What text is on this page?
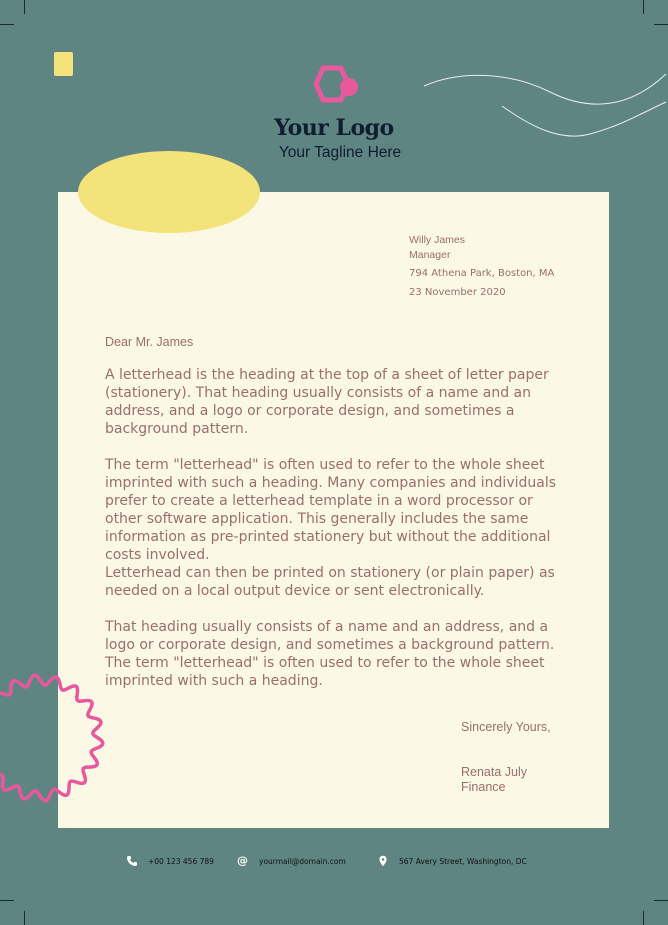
Your Logo
Your Tagline Here
Willy James
Manager
794 Athena Park, Boston, MA
23 November 2020
Dear Mr. James

A letterhead is the heading at the top of a sheet of letter paper
(stationery). That heading usually consists of a name and an
address, and a logo or corporate design, and sometimes a
background pattern.

The term "letterhead" is often used to refer to the whole sheet
imprinted with such a heading. Many companies and individuals
prefer to create a letterhead template in a word processor or
other software application. This generally includes the same
information as pre-printed stationery but without the additional
costs involved.
Letterhead can then be printed on stationery (or plain paper) as
needed on a local output device or sent electronically.

That heading usually consists of a name and an address, and a
logo or corporate design, and sometimes a background pattern.
The term "letterhead" is often used to refer to the whole sheet
imprinted with such a heading.

Sincerely Yours,
Renata July
Finance
+00 123 456 789 @ yourmail@domain.com	567 Avery Street, Washington, DC
